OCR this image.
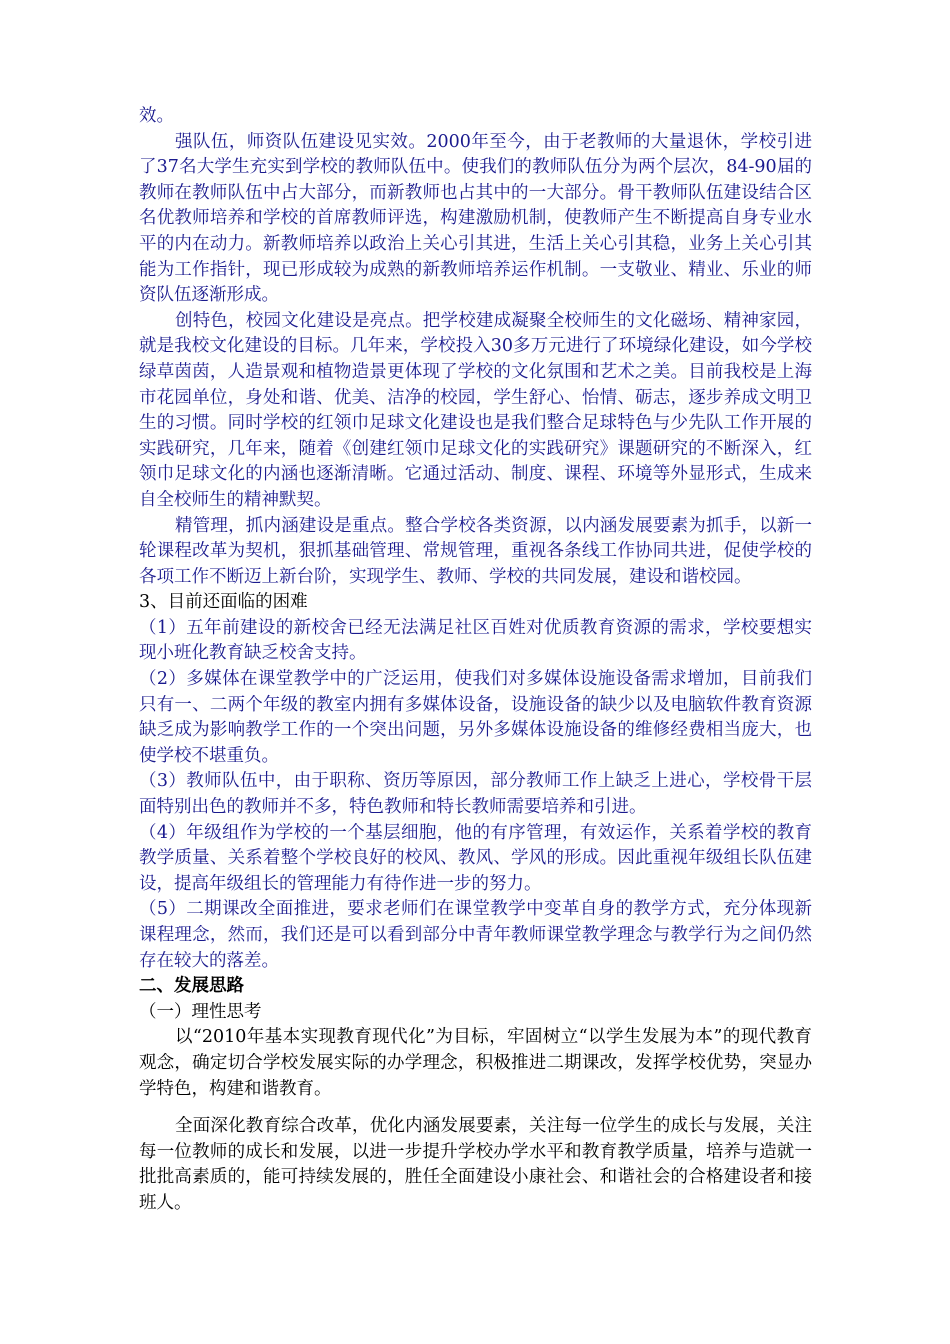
效。

强队伍，师资队伍建设见实效。2000年至今，由于老教师的大量退休，学校引进了37名大学生充实到学校的教师队伍中。使我们的教师队伍分为两个层次，84-90届的教师在教师队伍中占大部分，而新教师也占其中的一大部分。骨干教师队伍建设结合区名优教师培养和学校的首席教师评选，构建激励机制，使教师产生不断提高自身专业水平的内在动力。新教师培养以政治上关心引其进，生活上关心引其稳，业务上关心引其能为工作指针，现已形成较为成熟的新教师培养运作机制。一支敬业、精业、乐业的师资队伍逐渐形成。

创特色，校园文化建设是亮点。把学校建成凝聚全校师生的文化磁场、精神家园，就是我校文化建设的目标。几年来，学校投入30多万元进行了环境绿化建设，如今学校绿草茵茵，人造景观和植物造景更体现了学校的文化氛围和艺术之美。目前我校是上海市花园单位，身处和谐、优美、洁净的校园，学生舒心、怡情、砺志，逐步养成文明卫生的习惯。同时学校的红领巾足球文化建设也是我们整合足球特色与少先队工作开展的实践研究，几年来，随着《创建红领巾足球文化的实践研究》课题研究的不断深入，红领巾足球文化的内涵也逐渐清晰。它通过活动、制度、课程、环境等外显形式，生成来自全校师生的精神默契。

精管理，抓内涵建设是重点。整合学校各类资源，以内涵发展要素为抓手，以新一轮课程改革为契机，狠抓基础管理、常规管理，重视各条线工作协同共进，促使学校的各项工作不断迈上新台阶，实现学生、教师、学校的共同发展，建设和谐校园。

3、目前还面临的困难

（1）五年前建设的新校舍已经无法满足社区百姓对优质教育资源的需求，学校要想实现小班化教育缺乏校舍支持。

（2）多媒体在课堂教学中的广泛运用，使我们对多媒体设施设备需求增加，目前我们只有一、二两个年级的教室内拥有多媒体设备，设施设备的缺少以及电脑软件教育资源缺乏成为影响教学工作的一个突出问题，另外多媒体设施设备的维修经费相当庞大，也使学校不堪重负。

（3）教师队伍中，由于职称、资历等原因，部分教师工作上缺乏上进心，学校骨干层面特别出色的教师并不多，特色教师和特长教师需要培养和引进。

（4）年级组作为学校的一个基层细胞，他的有序管理，有效运作，关系着学校的教育教学质量、关系着整个学校良好的校风、教风、学风的形成。因此重视年级组长队伍建设，提高年级组长的管理能力有待作进一步的努力。

（5）二期课改全面推进，要求老师们在课堂教学中变革自身的教学方式，充分体现新课程理念，然而，我们还是可以看到部分中青年教师课堂教学理念与教学行为之间仍然存在较大的落差。

二、发展思路

（一）理性思考

以“2010年基本实现教育现代化”为目标，牢固树立“以学生发展为本”的现代教育观念，确定切合学校发展实际的办学理念，积极推进二期课改，发挥学校优势，突显办学特色，构建和谐教育。

全面深化教育综合改革，优化内涵发展要素，关注每一位学生的成长与发展，关注每一位教师的成长和发展，以进一步提升学校办学水平和教育教学质量，培养与造就一批批高素质的，能可持续发展的，胜任全面建设小康社会、和谐社会的合格建设者和接班人。
